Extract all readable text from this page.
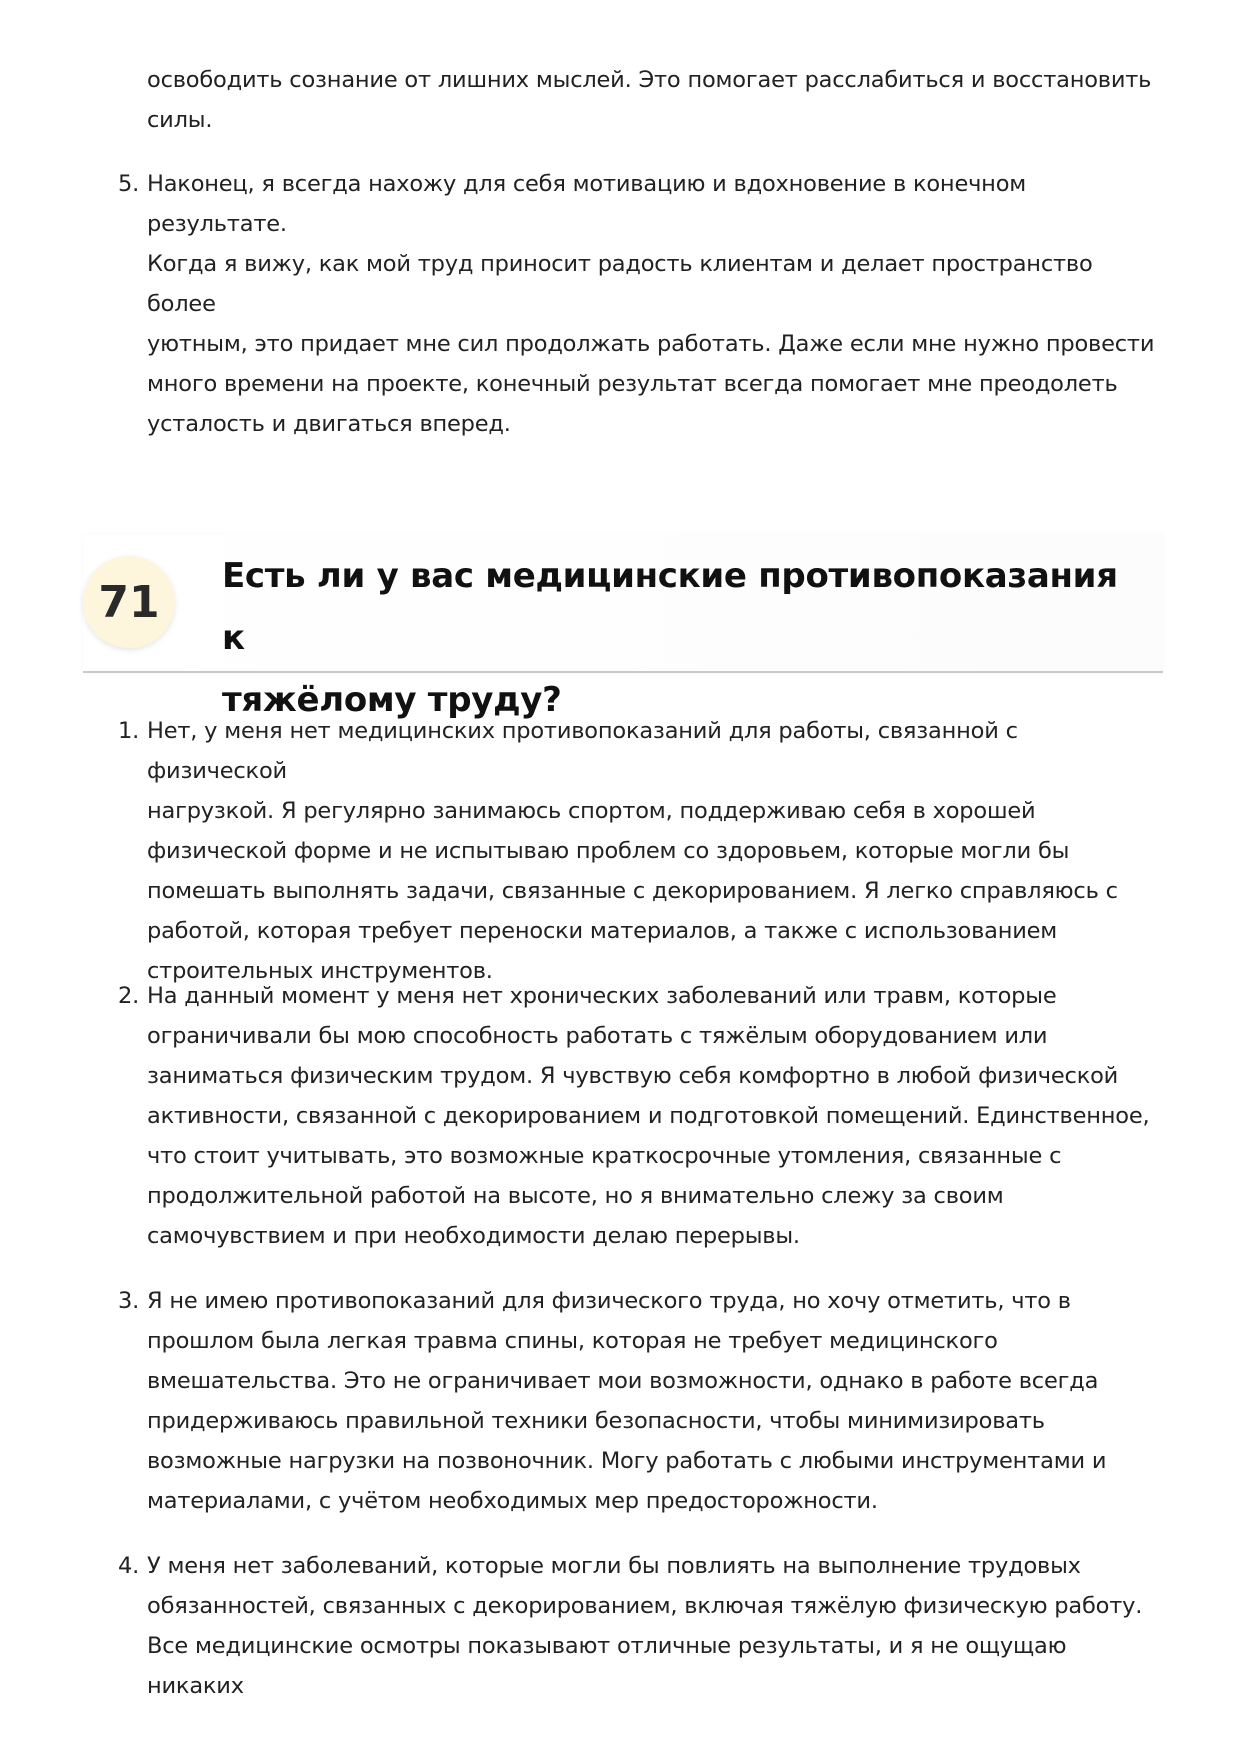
освободить сознание от лишних мыслей. Это помогает расслабиться и восстановить
силы.
5. Наконец, я всегда нахожу для себя мотивацию и вдохновение в конечном результате.
Когда я вижу, как мой труд приносит радость клиентам и делает пространство более
уютным, это придает мне сил продолжать работать. Даже если мне нужно провести
много времени на проекте, конечный результат всегда помогает мне преодолеть
усталость и двигаться вперед.
71
Есть ли у вас медицинские противопоказания к
тяжёлому труду?
1. Нет, у меня нет медицинских противопоказаний для работы, связанной с физической
нагрузкой. Я регулярно занимаюсь спортом, поддерживаю себя в хорошей
физической форме и не испытываю проблем со здоровьем, которые могли бы
помешать выполнять задачи, связанные с декорированием. Я легко справляюсь с
работой, которая требует переноски материалов, а также с использованием
строительных инструментов.
2. На данный момент у меня нет хронических заболеваний или травм, которые
ограничивали бы мою способность работать с тяжёлым оборудованием или
заниматься физическим трудом. Я чувствую себя комфортно в любой физической
активности, связанной с декорированием и подготовкой помещений. Единственное,
что стоит учитывать, это возможные краткосрочные утомления, связанные с
продолжительной работой на высоте, но я внимательно слежу за своим
самочувствием и при необходимости делаю перерывы.
3. Я не имею противопоказаний для физического труда, но хочу отметить, что в
прошлом была легкая травма спины, которая не требует медицинского
вмешательства. Это не ограничивает мои возможности, однако в работе всегда
придерживаюсь правильной техники безопасности, чтобы минимизировать
возможные нагрузки на позвоночник. Могу работать с любыми инструментами и
материалами, с учётом необходимых мер предосторожности.
4. У меня нет заболеваний, которые могли бы повлиять на выполнение трудовых
обязанностей, связанных с декорированием, включая тяжёлую физическую работу.
Все медицинские осмотры показывают отличные результаты, и я не ощущаю никаких
